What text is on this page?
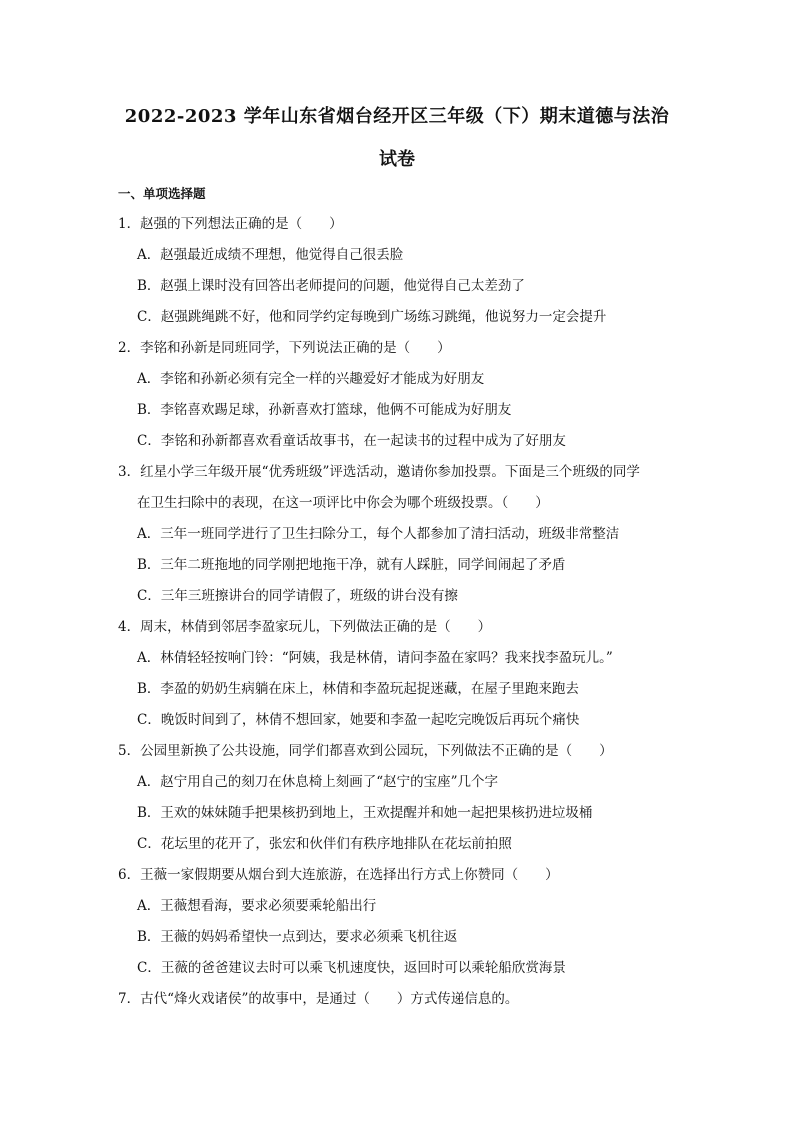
2022-2023 学年山东省烟台经开区三年级（下）期末道德与法治
试卷
一、单项选择题
1．赵强的下列想法正确的是（　　）
A．赵强最近成绩不理想，他觉得自己很丢脸
B．赵强上课时没有回答出老师提问的问题，他觉得自己太差劲了
C．赵强跳绳跳不好，他和同学约定每晚到广场练习跳绳，他说努力一定会提升
2．李铭和孙新是同班同学，下列说法正确的是（　　）
A．李铭和孙新必须有完全一样的兴趣爱好才能成为好朋友
B．李铭喜欢踢足球，孙新喜欢打篮球，他俩不可能成为好朋友
C．李铭和孙新都喜欢看童话故事书，在一起读书的过程中成为了好朋友
3．红星小学三年级开展“优秀班级”评选活动，邀请你参加投票。下面是三个班级的同学
在卫生扫除中的表现，在这一项评比中你会为哪个班级投票。（　　）
A．三年一班同学进行了卫生扫除分工，每个人都参加了清扫活动，班级非常整洁
B．三年二班拖地的同学刚把地拖干净，就有人踩脏，同学间闹起了矛盾
C．三年三班擦讲台的同学请假了，班级的讲台没有擦
4．周末，林倩到邻居李盈家玩儿，下列做法正确的是（　　）
A．林倩轻轻按响门铃：“阿姨，我是林倩，请问李盈在家吗？我来找李盈玩儿。”
B．李盈的奶奶生病躺在床上，林倩和李盈玩起捉迷藏，在屋子里跑来跑去
C．晚饭时间到了，林倩不想回家，她要和李盈一起吃完晚饭后再玩个痛快
5．公园里新换了公共设施，同学们都喜欢到公园玩，下列做法不正确的是（　　）
A．赵宁用自己的刻刀在休息椅上刻画了“赵宁的宝座”几个字
B．王欢的妹妹随手把果核扔到地上，王欢提醒并和她一起把果核扔进垃圾桶
C．花坛里的花开了，张宏和伙伴们有秩序地排队在花坛前拍照
6．王薇一家假期要从烟台到大连旅游，在选择出行方式上你赞同（　　）
A．王薇想看海，要求必须要乘轮船出行
B．王薇的妈妈希望快一点到达，要求必须乘飞机往返
C．王薇的爸爸建议去时可以乘飞机速度快，返回时可以乘轮船欣赏海景
7．古代“烽火戏诸侯”的故事中，是通过（　　）方式传递信息的。
